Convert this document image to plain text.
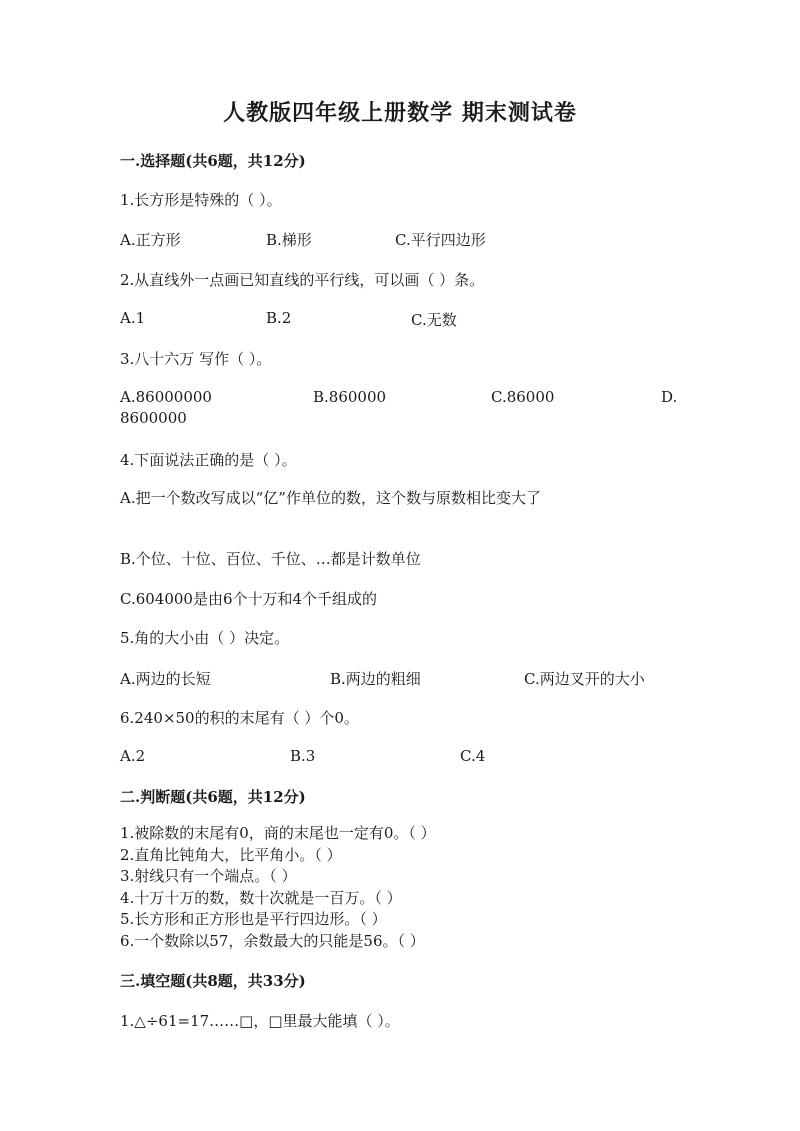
人教版四年级上册数学 期末测试卷
一.选择题(共6题，共12分)
1.长方形是特殊的（ ）。
A.正方形	B.梯形	C.平行四边形
2.从直线外一点画已知直线的平行线，可以画（ ）条。
A.1	B.2	C.无数
3.八十六万 写作（ ）。
A.86000000	B.860000	C.86000	D.
8600000
4.下面说法正确的是（ ）。
A.把一个数改写成以“亿”作单位的数，这个数与原数相比变大了
B.个位、十位、百位、千位、…都是计数单位
C.604000是由6个十万和4个千组成的
5.角的大小由（ ）决定。
A.两边的长短	B.两边的粗细	C.两边叉开的大小
6.240×50的积的末尾有（ ）个0。
A.2	B.3	C.4
二.判断题(共6题，共12分)
1.被除数的末尾有0，商的末尾也一定有0。（ ）
2.直角比钝角大，比平角小。（ ）
3.射线只有一个端点。（ ）
4.十万十万的数，数十次就是一百万。（ ）
5.长方形和正方形也是平行四边形。（ ）
6.一个数除以57，余数最大的只能是56。（ ）
三.填空题(共8题，共33分)
1.△÷61=17……□，□里最大能填（ ）。
